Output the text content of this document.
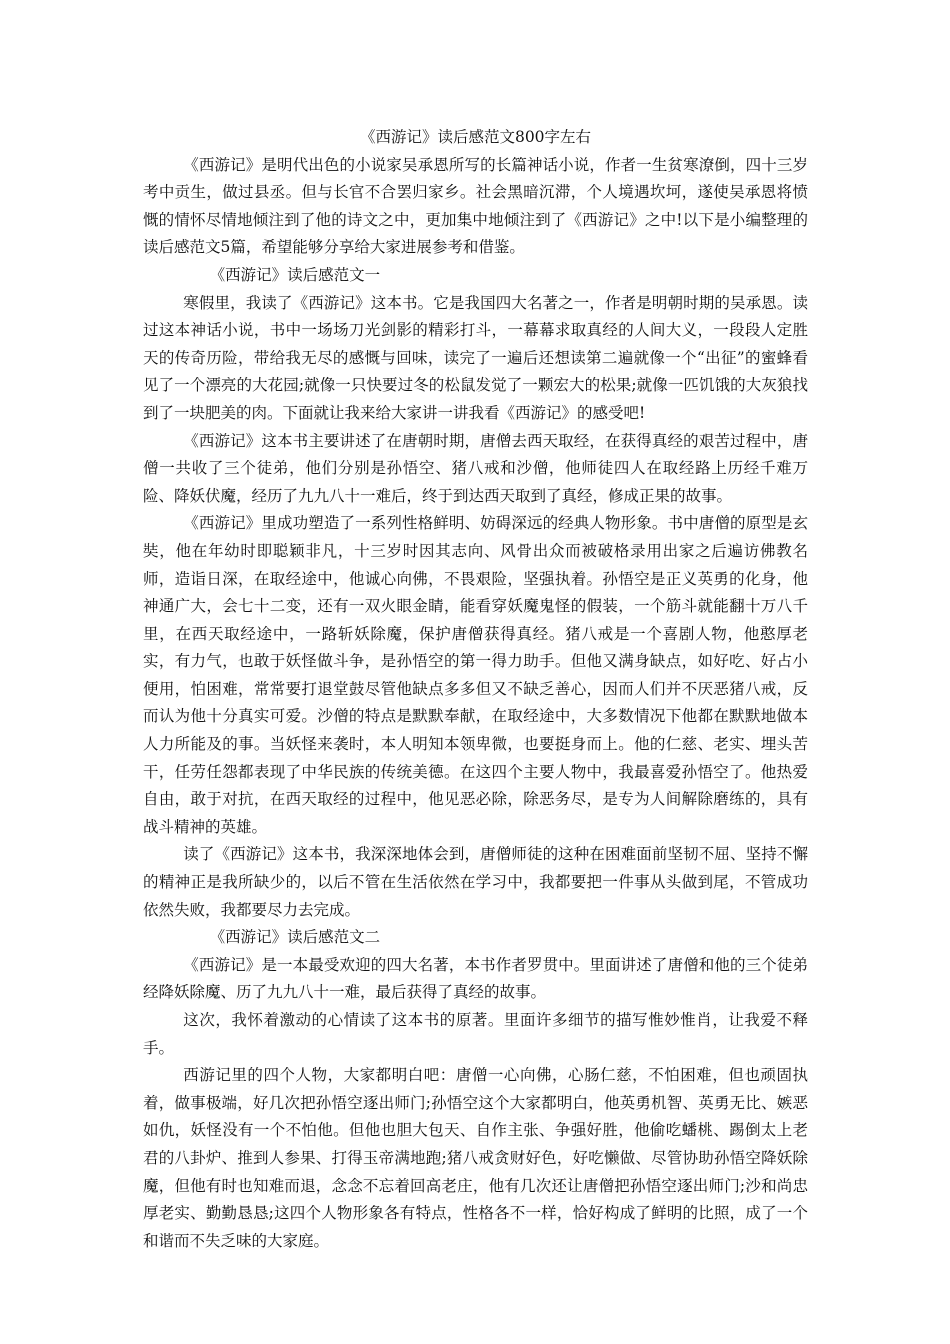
《西游记》读后感范文800字左右

《西游记》是明代出色的小说家吴承恩所写的长篇神话小说，作者一生贫寒潦倒，四十三岁考中贡生，做过县丞。但与长官不合罢归家乡。社会黑暗沉滞，个人境遇坎坷，遂使吴承恩将愤慨的情怀尽情地倾注到了他的诗文之中，更加集中地倾注到了《西游记》之中!以下是小编整理的读后感范文5篇，希望能够分享给大家进展参考和借鉴。

《西游记》读后感范文一

寒假里，我读了《西游记》这本书。它是我国四大名著之一，作者是明朝时期的吴承恩。读过这本神话小说，书中一场场刀光剑影的精彩打斗，一幕幕求取真经的人间大义，一段段人定胜天的传奇历险，带给我无尽的感慨与回味，读完了一遍后还想读第二遍就像一个“出征”的蜜蜂看见了一个漂亮的大花园;就像一只快要过冬的松鼠发觉了一颗宏大的松果;就像一匹饥饿的大灰狼找到了一块肥美的肉。下面就让我来给大家讲一讲我看《西游记》的感受吧!

《西游记》这本书主要讲述了在唐朝时期，唐僧去西天取经，在获得真经的艰苦过程中，唐僧一共收了三个徒弟，他们分别是孙悟空、猪八戒和沙僧，他师徒四人在取经路上历经千难万险、降妖伏魔，经历了九九八十一难后，终于到达西天取到了真经，修成正果的故事。

《西游记》里成功塑造了一系列性格鲜明、妨碍深远的经典人物形象。书中唐僧的原型是玄奘，他在年幼时即聪颖非凡，十三岁时因其志向、风骨出众而被破格录用出家之后遍访佛教名师，造诣日深，在取经途中，他诚心向佛，不畏艰险，坚强执着。孙悟空是正义英勇的化身，他神通广大，会七十二变，还有一双火眼金睛，能看穿妖魔鬼怪的假装，一个筋斗就能翻十万八千里，在西天取经途中，一路斩妖除魔，保护唐僧获得真经。猪八戒是一个喜剧人物，他憨厚老实，有力气，也敢于妖怪做斗争，是孙悟空的第一得力助手。但他又满身缺点，如好吃、好占小便用，怕困难，常常要打退堂鼓尽管他缺点多多但又不缺乏善心，因而人们并不厌恶猪八戒，反而认为他十分真实可爱。沙僧的特点是默默奉献，在取经途中，大多数情况下他都在默默地做本人力所能及的事。当妖怪来袭时，本人明知本领卑微，也要挺身而上。他的仁慈、老实、埋头苦干，任劳任怨都表现了中华民族的传统美德。在这四个主要人物中，我最喜爱孙悟空了。他热爱自由，敢于对抗，在西天取经的过程中，他见恶必除，除恶务尽，是专为人间解除磨练的，具有战斗精神的英雄。

读了《西游记》这本书，我深深地体会到，唐僧师徒的这种在困难面前坚韧不屈、坚持不懈的精神正是我所缺少的，以后不管在生活依然在学习中，我都要把一件事从头做到尾，不管成功依然失败，我都要尽力去完成。

《西游记》读后感范文二

《西游记》是一本最受欢迎的四大名著，本书作者罗贯中。里面讲述了唐僧和他的三个徒弟经降妖除魔、历了九九八十一难，最后获得了真经的故事。

这次，我怀着激动的心情读了这本书的原著。里面许多细节的描写惟妙惟肖，让我爱不释手。

西游记里的四个人物，大家都明白吧：唐僧一心向佛，心肠仁慈，不怕困难，但也顽固执着，做事极端，好几次把孙悟空逐出师门;孙悟空这个大家都明白，他英勇机智、英勇无比、嫉恶如仇，妖怪没有一个不怕他。但他也胆大包天、自作主张、争强好胜，他偷吃蟠桃、踢倒太上老君的八卦炉、推到人参果、打得玉帝满地跑;猪八戒贪财好色，好吃懒做、尽管协助孙悟空降妖除魔，但他有时也知难而退，念念不忘着回高老庄，他有几次还让唐僧把孙悟空逐出师门;沙和尚忠厚老实、勤勤恳恳;这四个人物形象各有特点，性格各不一样，恰好构成了鲜明的比照，成了一个和谐而不失乏味的大家庭。
